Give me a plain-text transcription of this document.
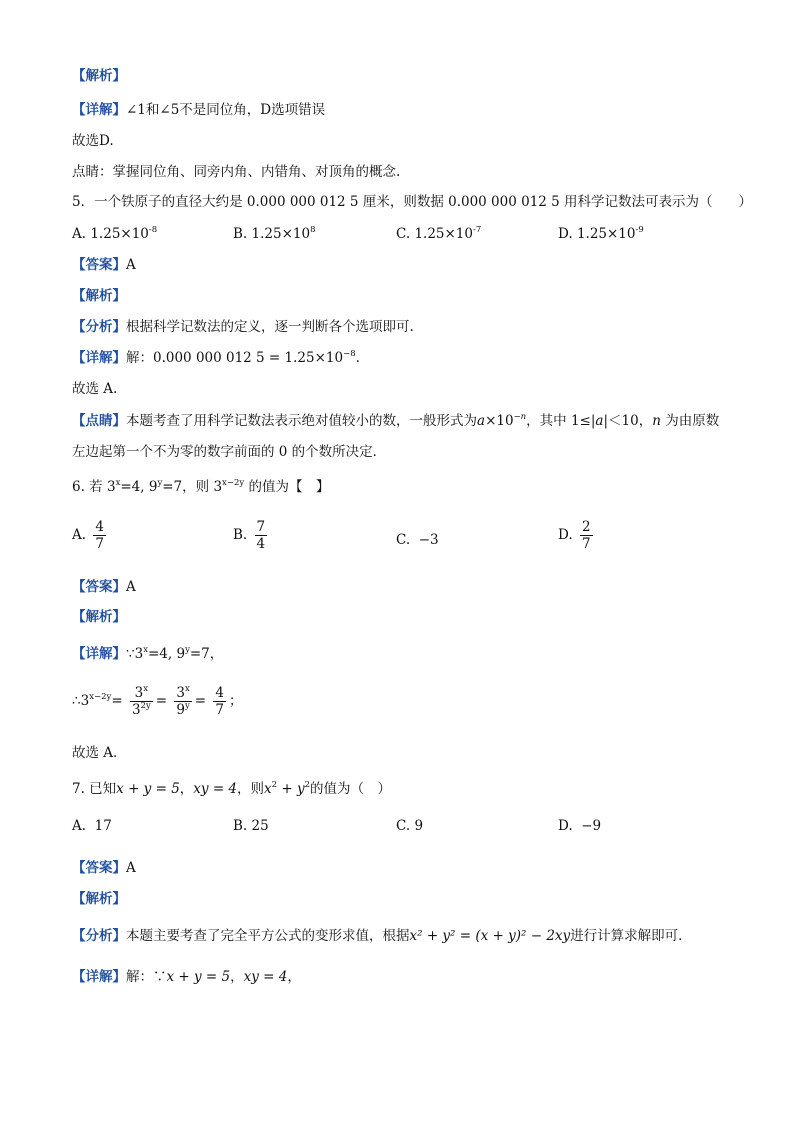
【解析】
【详解】∠1和∠5不是同位角，D选项错误
故选D.
点睛：掌握同位角、同旁内角、内错角、对顶角的概念.
5．一个铁原子的直径大约是 0.000 000 012 5 厘米，则数据 0.000 000 012 5 用科学记数法可表示为（ ）
A. $1.25\times 10^{-8}$	B. $1.25\times 10^8$	C. $1.25\times 10^{-7}$	D. $1.25\times 10^{-9}$
【答案】A
【解析】
【分析】根据科学记数法的定义，逐一判断各个选项即可.
【详解】解：0.000 000 012 $5 = 1.25\times 10^{-8}$.
故选 A.
【点睛】本题考查了用科学记数法表示绝对值较小的数，一般形式为$a\times 10^{-n}$，其中 1≤|a|＜10，n 为由原数
左边起第一个不为零的数字前面的 0 的个数所决定．
6. 若 $3^x=4$, $9^y=7$，则 $3^{x-2y}$ 的值为【　】
A. $\frac{4}{7}$	B. $\frac{7}{4}$	C. −3	D. $\frac{2}{7}$
【答案】A
【解析】
【详解】$\because 3^x=4$, $9^y=7$，
$\therefore 3^{x-2y}= \frac{3^x}{3^{2y}} = \frac{3^x}{9^y} = \frac{4}{7}$ ；
故选 A．
7. 已知x + y = 5，xy = 4，则$x^2 + y^2$的值为（　）
A. 17	B. 25	C. 9	D. −9
【答案】A
【解析】
【分析】本题主要考查了完全平方公式的变形求值，根据x² + y² = (x + y)² − 2xy进行计算求解即可．
【详解】解：∵x + y = 5，xy = 4，
